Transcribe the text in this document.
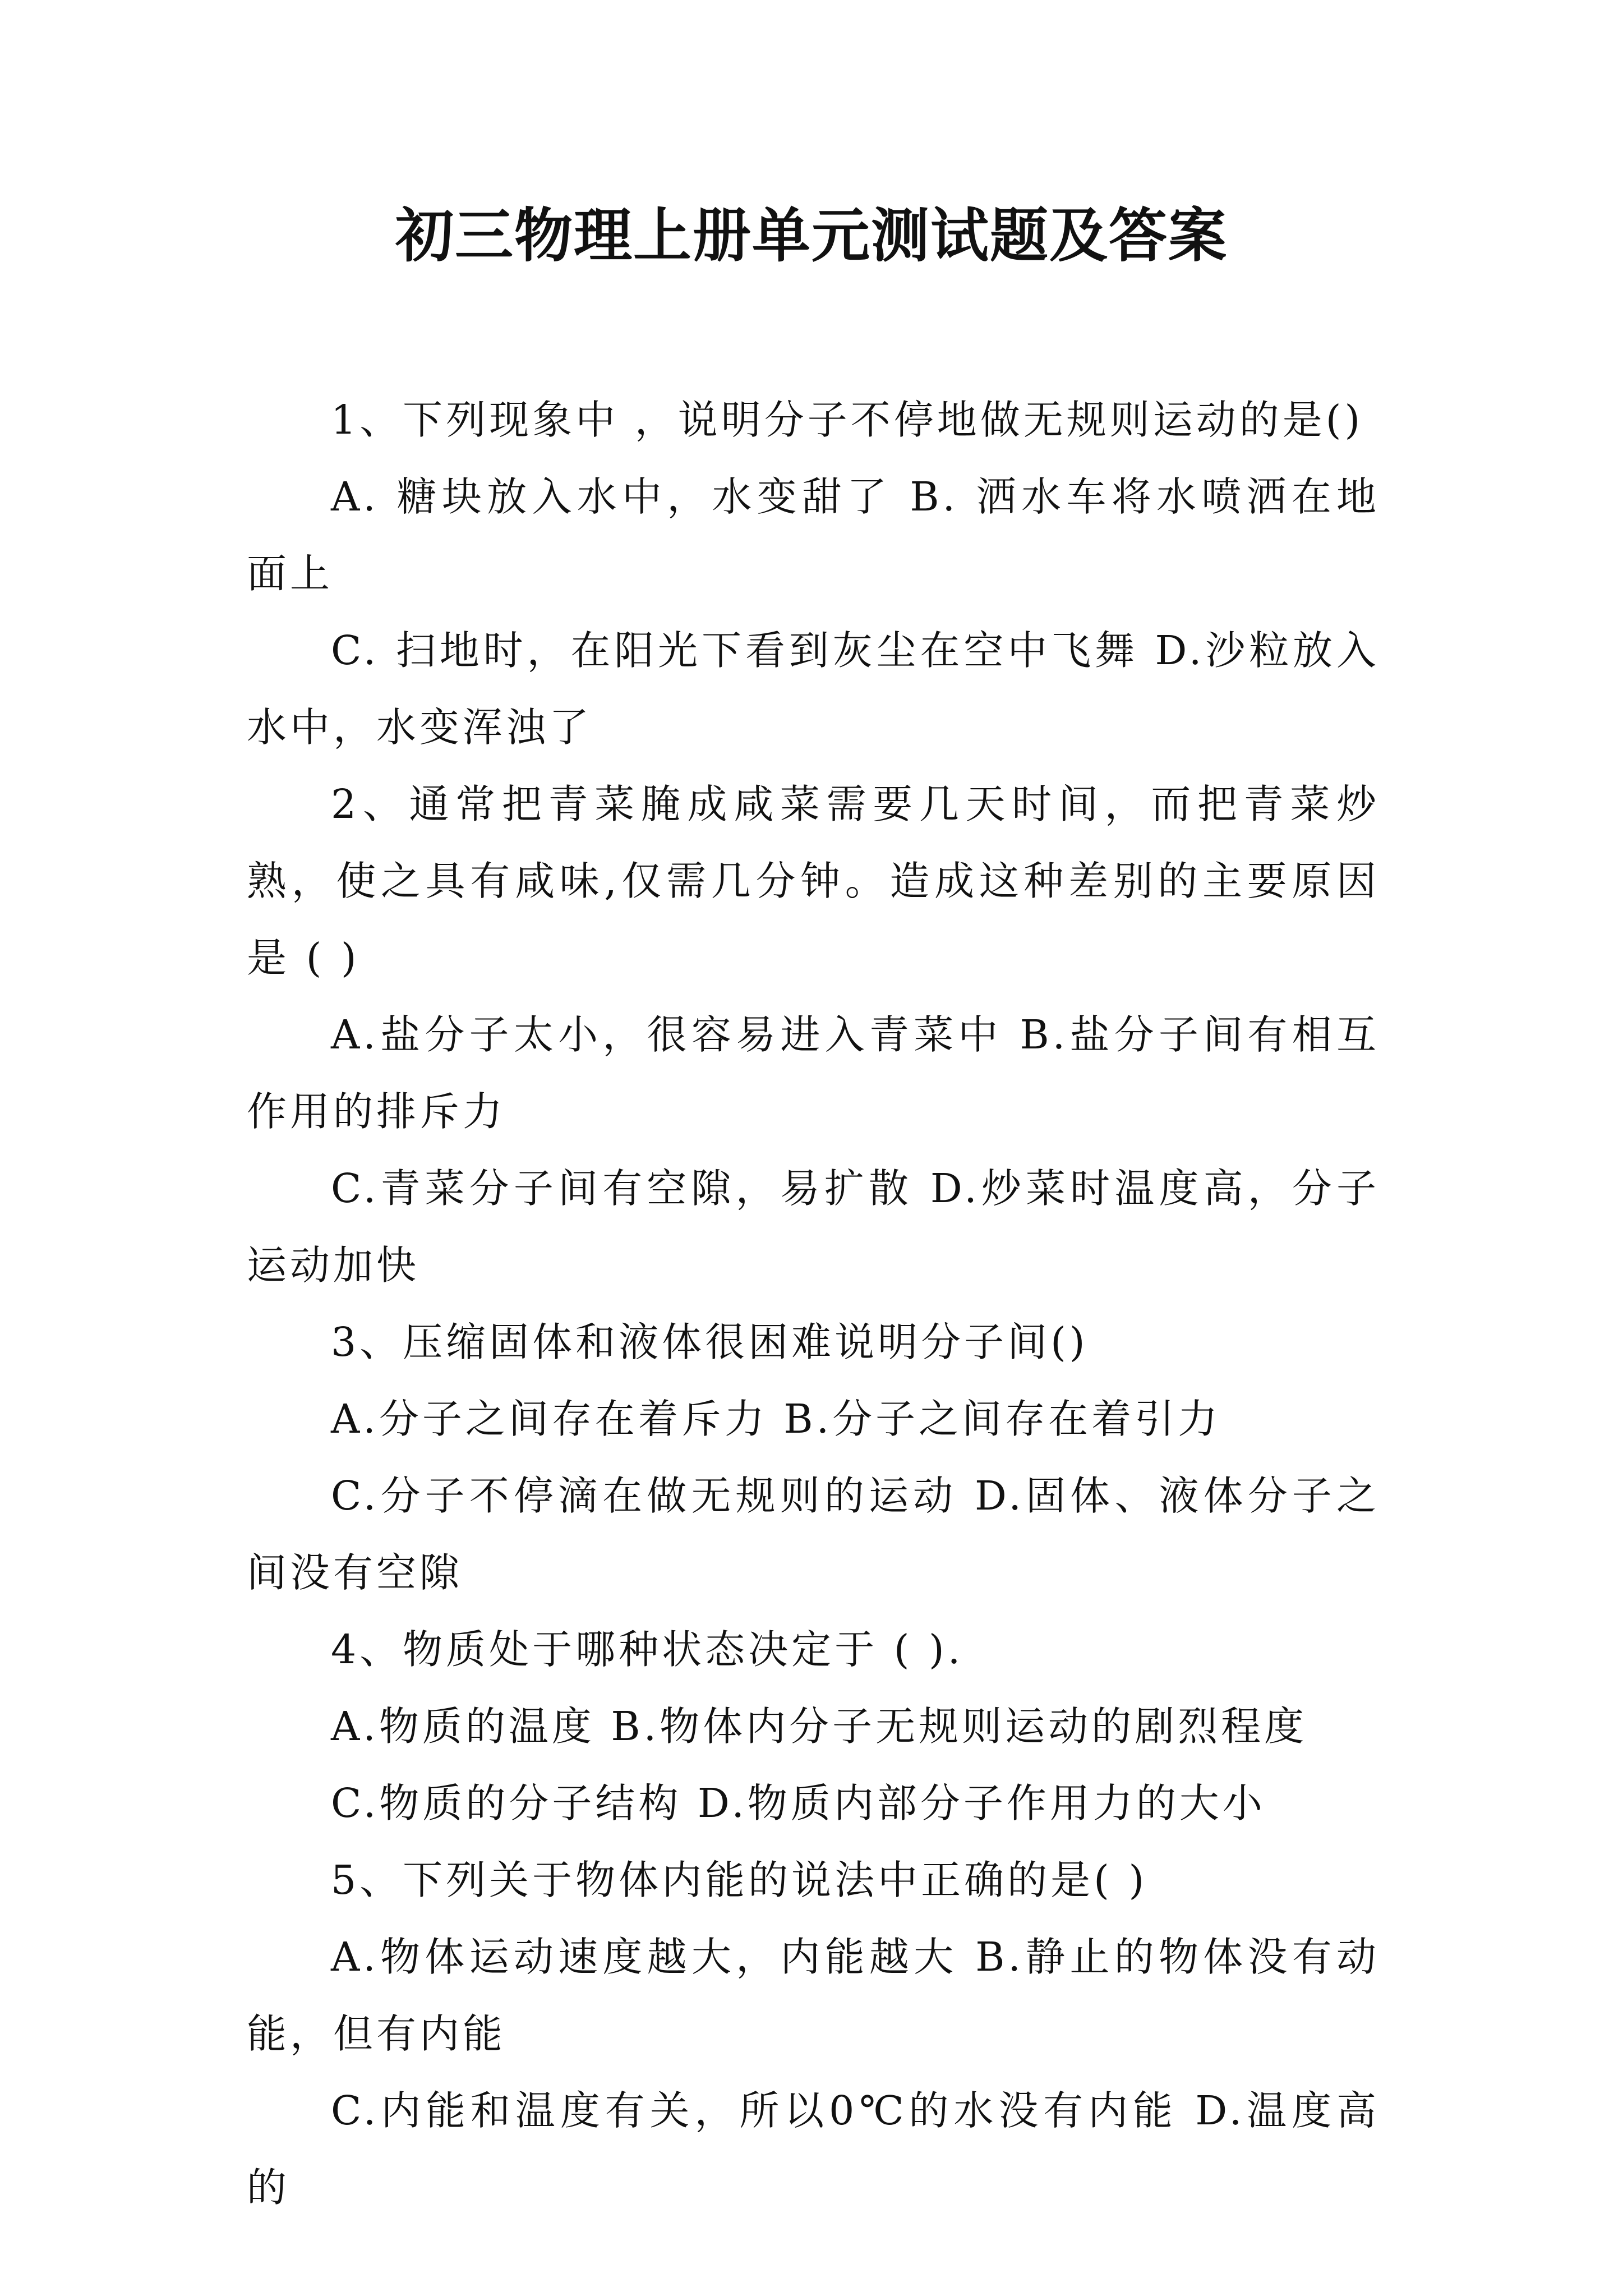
初三物理上册单元测试题及答案

1、下列现象中 ，说明分子不停地做无规则运动的是()

A. 糖块放入水中，水变甜了 B. 洒水车将水喷洒在地面上

C. 扫地时，在阳光下看到灰尘在空中飞舞 D.沙粒放入水中，水变浑浊了

2、通常把青菜腌成咸菜需要几天时间，而把青菜炒熟，使之具有咸味,仅需几分钟。造成这种差别的主要原因是 ( )

A.盐分子太小，很容易进入青菜中 B.盐分子间有相互作用的排斥力

C.青菜分子间有空隙，易扩散 D.炒菜时温度高，分子运动加快

3、压缩固体和液体很困难说明分子间()

A.分子之间存在着斥力 B.分子之间存在着引力

C.分子不停滴在做无规则的运动 D.固体、液体分子之间没有空隙

4、物质处于哪种状态决定于 ( ).

A.物质的温度 B.物体内分子无规则运动的剧烈程度

C.物质的分子结构 D.物质内部分子作用力的大小

5、下列关于物体内能的说法中正确的是( )

A.物体运动速度越大，内能越大 B.静止的物体没有动能，但有内能

C.内能和温度有关，所以0℃的水没有内能 D.温度高的
